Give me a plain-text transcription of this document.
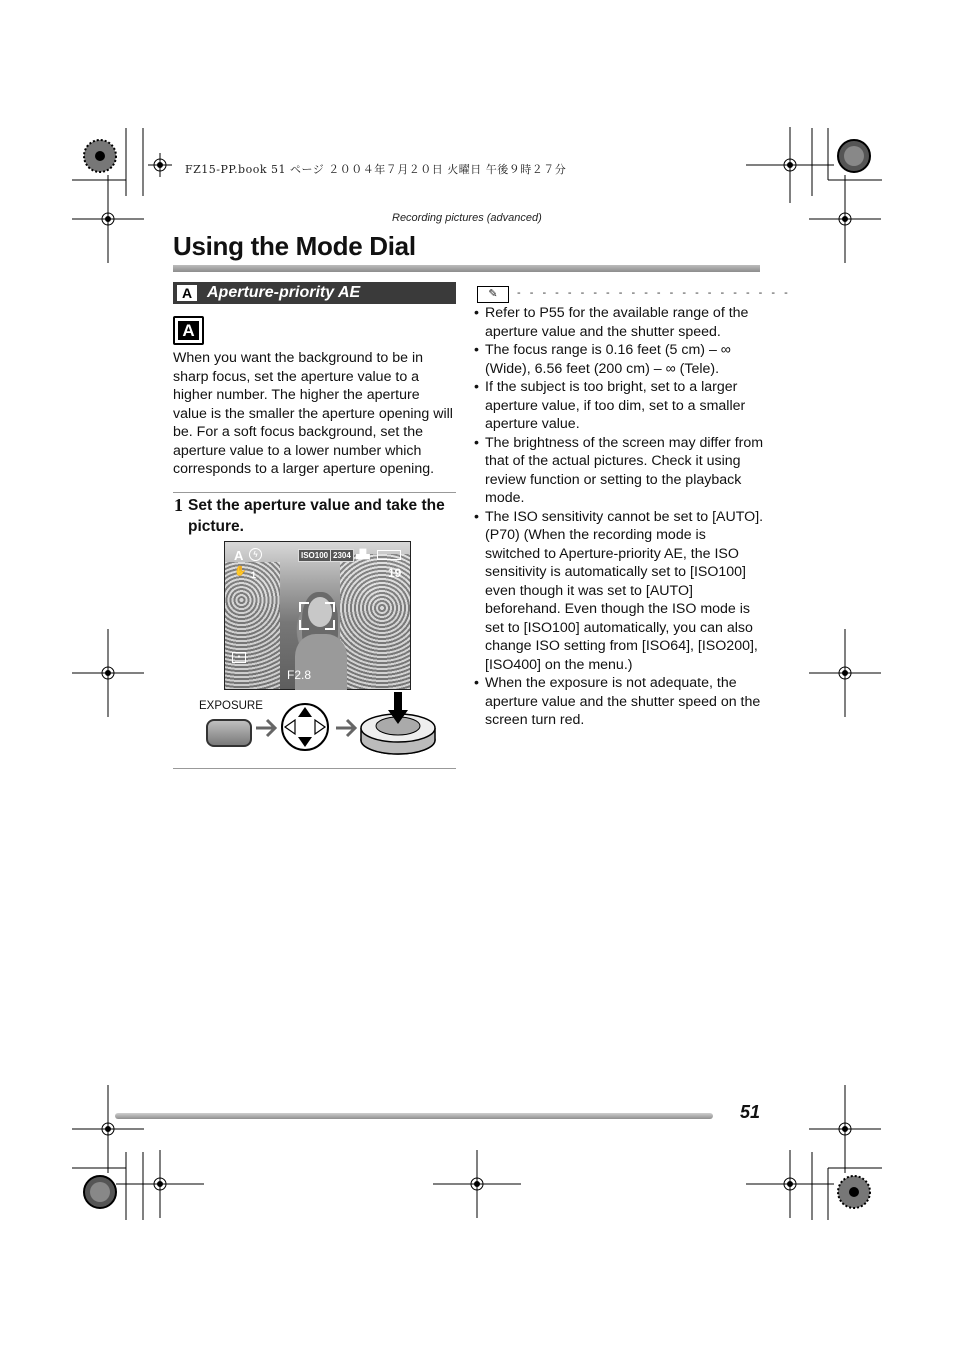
FZ15-PP.book 51 ページ ２００４年７月２０日 火曜日 午後９時２７分
Recording pictures (advanced)
Using the Mode Dial
A Aperture-priority AE
A

When you want the background to be in sharp focus, set the aperture value to a higher number. The higher the aperture value is the smaller the aperture opening will be. For a soft focus background, set the aperture value to a lower number which corresponds to a larger aperture opening.

1 Set the aperture value and take the picture.

A	ϟ	ISO100 2304 ▟▙
✋ 1	19
•
F2.8
EXPOSURE
✎	- - - - - - - - - - - - - - - - - - - - - -
• Refer to P55 for the available range of the aperture value and the shutter speed.
• The focus range is 0.16 feet (5 cm) – ∞ (Wide), 6.56 feet (200 cm) – ∞ (Tele).
• If the subject is too bright, set to a larger aperture value, if too dim, set to a smaller aperture value.
• The brightness of the screen may differ from that of the actual pictures. Check it using review function or setting to the playback mode.
• The ISO sensitivity cannot be set to [AUTO]. (P70) (When the recording mode is switched to Aperture-priority AE, the ISO sensitivity is automatically set to [ISO100] even though it was set to [AUTO] beforehand. Even though the ISO mode is set to [ISO100] automatically, you can also change ISO setting from [ISO64], [ISO200], [ISO400] on the menu.)
• When the exposure is not adequate, the aperture value and the shutter speed on the screen turn red.
51
